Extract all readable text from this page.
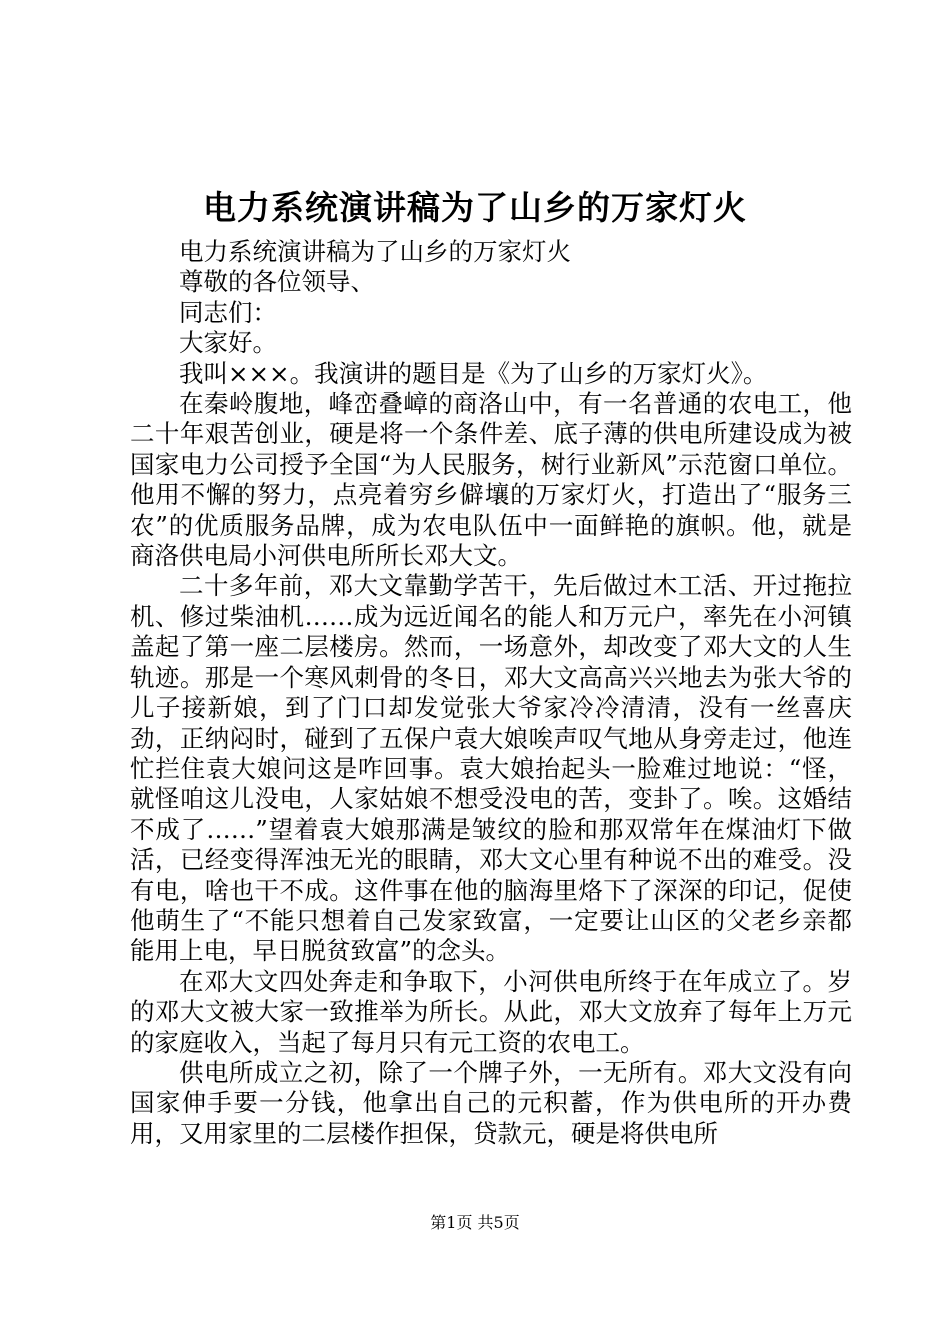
电力系统演讲稿为了山乡的万家灯火

电力系统演讲稿为了山乡的万家灯火

尊敬的各位领导、

同志们：

大家好。

我叫×××。我演讲的题目是《为了山乡的万家灯火》。

在秦岭腹地，峰峦叠嶂的商洛山中，有一名普通的农电工，他二十年艰苦创业，硬是将一个条件差、底子薄的供电所建设成为被国家电力公司授予全国“为人民服务，树行业新风”示范窗口单位。他用不懈的努力，点亮着穷乡僻壤的万家灯火，打造出了“服务三农”的优质服务品牌，成为农电队伍中一面鲜艳的旗帜。他，就是商洛供电局小河供电所所长邓大文。

二十多年前，邓大文靠勤学苦干，先后做过木工活、开过拖拉机、修过柴油机……成为远近闻名的能人和万元户，率先在小河镇盖起了第一座二层楼房。然而，一场意外，却改变了邓大文的人生轨迹。那是一个寒风刺骨的冬日，邓大文高高兴兴地去为张大爷的儿子接新娘，到了门口却发觉张大爷家冷冷清清，没有一丝喜庆劲，正纳闷时，碰到了五保户袁大娘唉声叹气地从身旁走过，他连忙拦住袁大娘问这是咋回事。袁大娘抬起头一脸难过地说：“怪，就怪咱这儿没电，人家姑娘不想受没电的苦，变卦了。唉。这婚结不成了……”望着袁大娘那满是皱纹的脸和那双常年在煤油灯下做活，已经变得浑浊无光的眼睛，邓大文心里有种说不出的难受。没有电，啥也干不成。这件事在他的脑海里烙下了深深的印记，促使他萌生了“不能只想着自己发家致富，一定要让山区的父老乡亲都能用上电，早日脱贫致富”的念头。

在邓大文四处奔走和争取下，小河供电所终于在年成立了。岁的邓大文被大家一致推举为所长。从此，邓大文放弃了每年上万元的家庭收入，当起了每月只有元工资的农电工。

供电所成立之初，除了一个牌子外，一无所有。邓大文没有向国家伸手要一分钱，他拿出自己的元积蓄，作为供电所的开办费用，又用家里的二层楼作担保，贷款元，硬是将供电所

第1页 共5页
